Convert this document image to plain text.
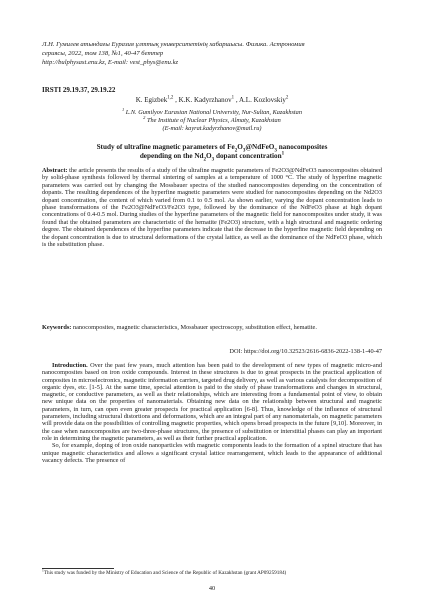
Л.Н. Гумилев атындағы Еуразия ұлттық университетінің хабаршысы. Физика. Астрономия
сериясы, 2022, том 138, №1, 40-47 беттер
http://bulphysast.enu.kz, E-mail: vest_phys@enu.kz
IRSTI 29.19.37, 29.19.22
K. Egizbek$^{1,2}$ , K.K. Kadyrzhanov$^1$ , A.L. Kozlovskiy$^2$
$^1$ L.N. Gumilyov Eurasian National University, Nur-Sultan, Kazakhstan
$^2$ The Institute of Nuclear Physics, Almaty, Kazakhstan
(E-mail: kayrat.kadyrzhanov@mail.ru)
Study of ultrafine magnetic parameters of $Fe_2O_3@NdFeO_3$ nanocomposites
depending on the $Nd_2O_3$ dopant concentration$^1$
Abstract: the article presents the results of a study of the ultrafine magnetic parameters of Fe2O3@NdFeO3 nanocomposites obtained by solid-phase synthesis followed by thermal sintering of samples at a temperature of 1000 °C. The study of hyperfine magnetic parameters was carried out by changing the Mossbauer spectra of the studied nanocomposites depending on the concentration of dopants. The resulting dependences of the hyperfine magnetic parameters were studied for nanocomposites depending on the Nd2O3 dopant concentration, the content of which varied from 0.1 to 0.5 mol. As shown earlier, varying the dopant concentration leads to phase transformations of the Fe2O3@NdFeO3/Fe2O3 type, followed by the dominance of the NdFeO3 phase at high dopant concentrations of 0.4-0.5 mol. During studies of the hyperfine parameters of the magnetic field for nanocomposites under study, it was found that the obtained parameters are characteristic of the hematite (Fe2O3) structure, with a high structural and magnetic ordering degree. The obtained dependences of the hyperfine parameters indicate that the decrease in the hyperfine magnetic field depending on the dopant concentration is due to structural deformations of the crystal lattice, as well as the dominance of the NdFeO3 phase, which is the substitution phase.
Keywords: nanocomposites, magnetic characteristics, Mossbauer spectroscopy, substitution effect, hematite.
DOI: https://doi.org/10.32523/2616-6836-2022-138-1-40-47

Introduction. Over the past few years, much attention has been paid to the development of new types of magnetic micro-and nanocomposites based on iron oxide compounds. Interest in these structures is due to great prospects in the practical application of composites in microelectronics, magnetic information carriers, targeted drug delivery, as well as various catalysts for decomposition of organic dyes, etc. [1-5]. At the same time, special attention is paid to the study of phase transformations and changes in structural, magnetic, or conductive parameters, as well as their relationships, which are interesting from a fundamental point of view, to obtain new unique data on the properties of nanomaterials. Obtaining new data on the relationship between structural and magnetic parameters, in turn, can open even greater prospects for practical application [6-8]. Thus, knowledge of the influence of structural parameters, including structural distortions and deformations, which are an integral part of any nanomaterials, on magnetic parameters will provide data on the possibilities of controlling magnetic properties, which opens broad prospects in the future [9,10]. Moreover, in the case when nanocomposites are two-three-phase structures, the presence of substitution or interstitial phases can play an important role in determining the magnetic parameters, as well as their further practical application.

So, for example, doping of iron oxide nanoparticles with magnetic components leads to the formation of a spinel structure that has unique magnetic characteristics and allows a significant crystal lattice rearrangement, which leads to the appearance of additional vacancy defects. The presence of

$^1$This study was funded by the Ministry of Education and Science of the Republic of Kazakhstan (grant AP09259184)
40
